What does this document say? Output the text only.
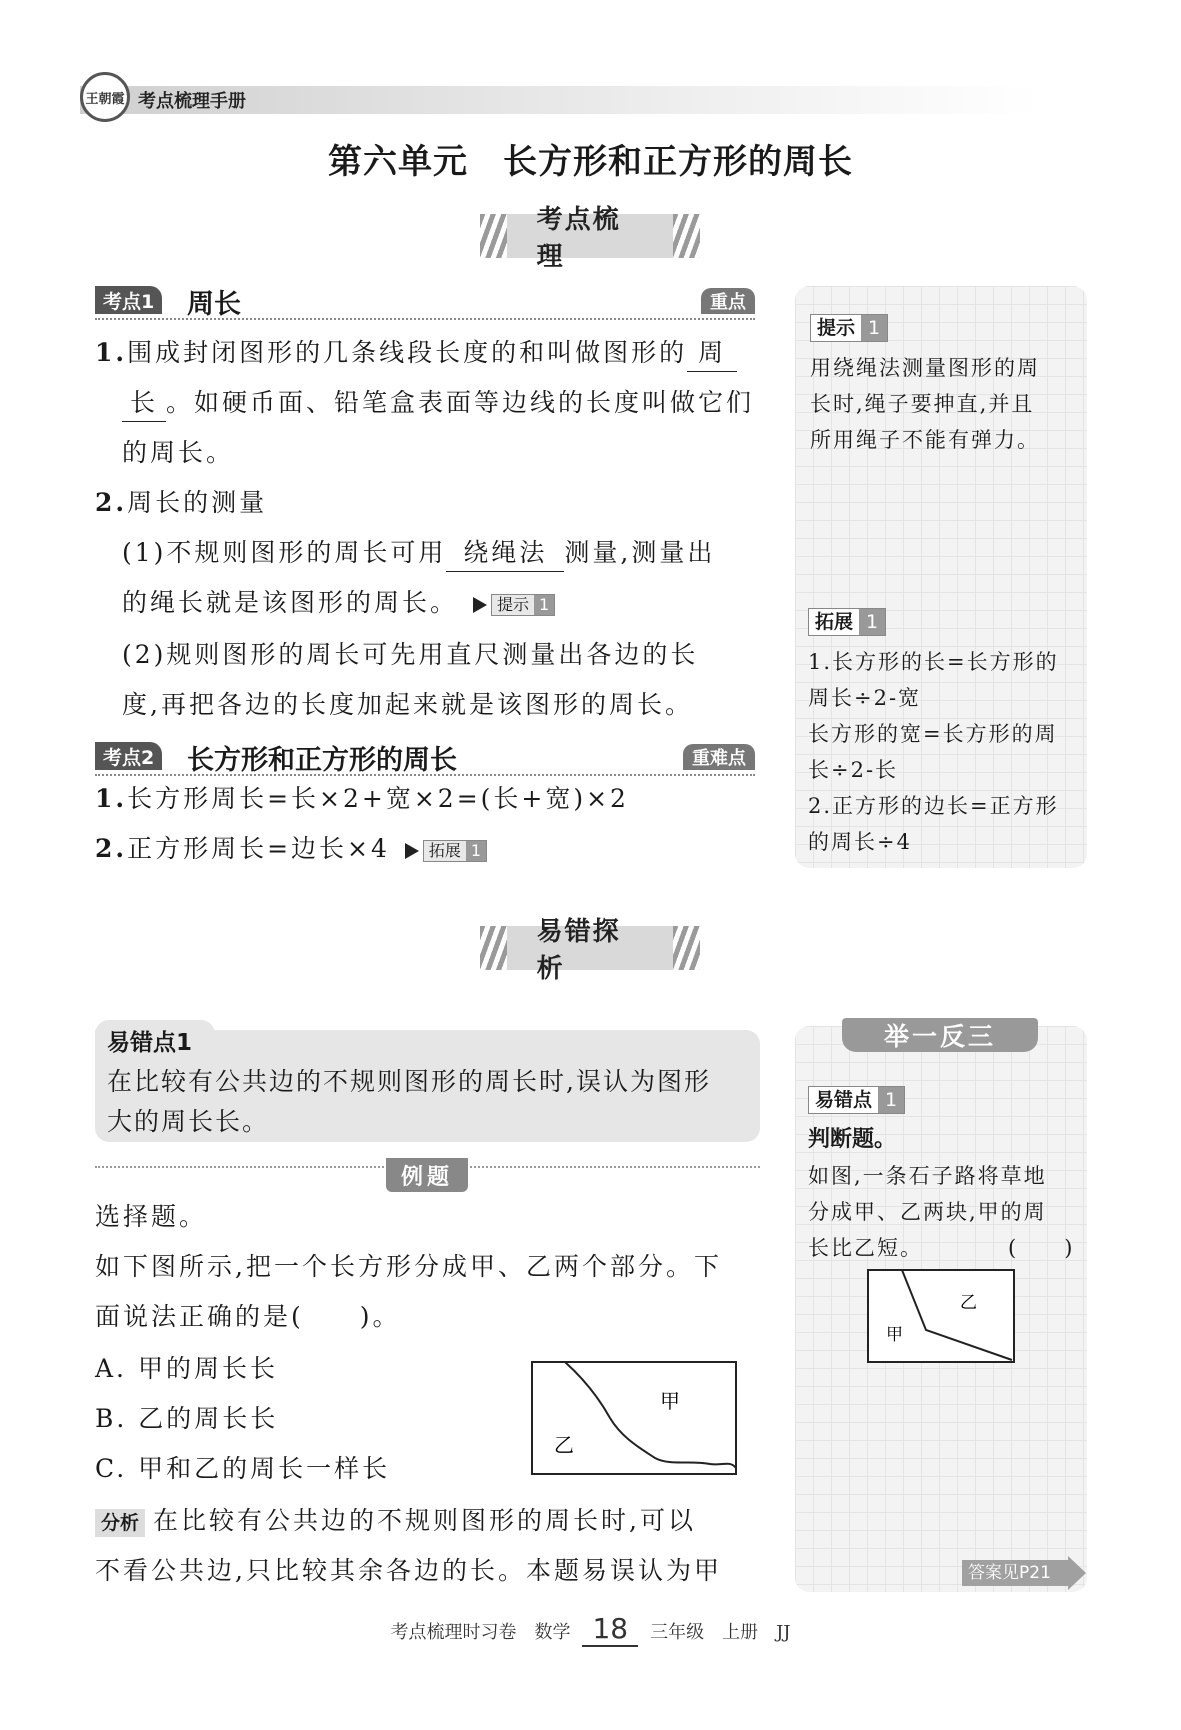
王朝霞 考点梳理手册
第六单元　长方形和正方形的周长
考点梳理
考点1 周长	重点
1.围成封闭图形的几条线段长度的和叫做图形的 周
长 。如硬币面、铅笔盒表面等边线的长度叫做它们
的周长。
2.周长的测量
(1)不规则图形的周长可用 绕绳法 测量,测量出
的绳长就是该图形的周长。	提示 1
(2)规则图形的周长可先用直尺测量出各边的长
度,再把各边的长度加起来就是该图形的周长。
考点2 长方形和正方形的周长	重难点
1.长方形周长=长×2+宽×2=(长+宽)×2
2.正方形周长=边长×4	拓展 1
提示 1
用绕绳法测量图形的周
长时,绳子要抻直,并且
所用绳子不能有弹力。
拓展 1
1.长方形的长=长方形的
周长÷2-宽
长方形的宽=长方形的周
长÷2-长
2.正方形的边长=正方形
的周长÷4
易错探析
易错点1
在比较有公共边的不规则图形的周长时,误认为图形
大的周长长。
例题
选择题。
如下图所示,把一个长方形分成甲、乙两个部分。下
面说法正确的是(　　)。
A. 甲的周长长
B. 乙的周长长
C. 甲和乙的周长一样长
甲
乙
分析 在比较有公共边的不规则图形的周长时,可以
不看公共边,只比较其余各边的长。本题易误认为甲
举一反三
易错点 1
判断题。
如图,一条石子路将草地
分成甲、乙两块,甲的周
长比乙短。	(　　)
乙
甲
答案见P21
考点梳理时习卷　数学 18 三年级　上册　JJ
